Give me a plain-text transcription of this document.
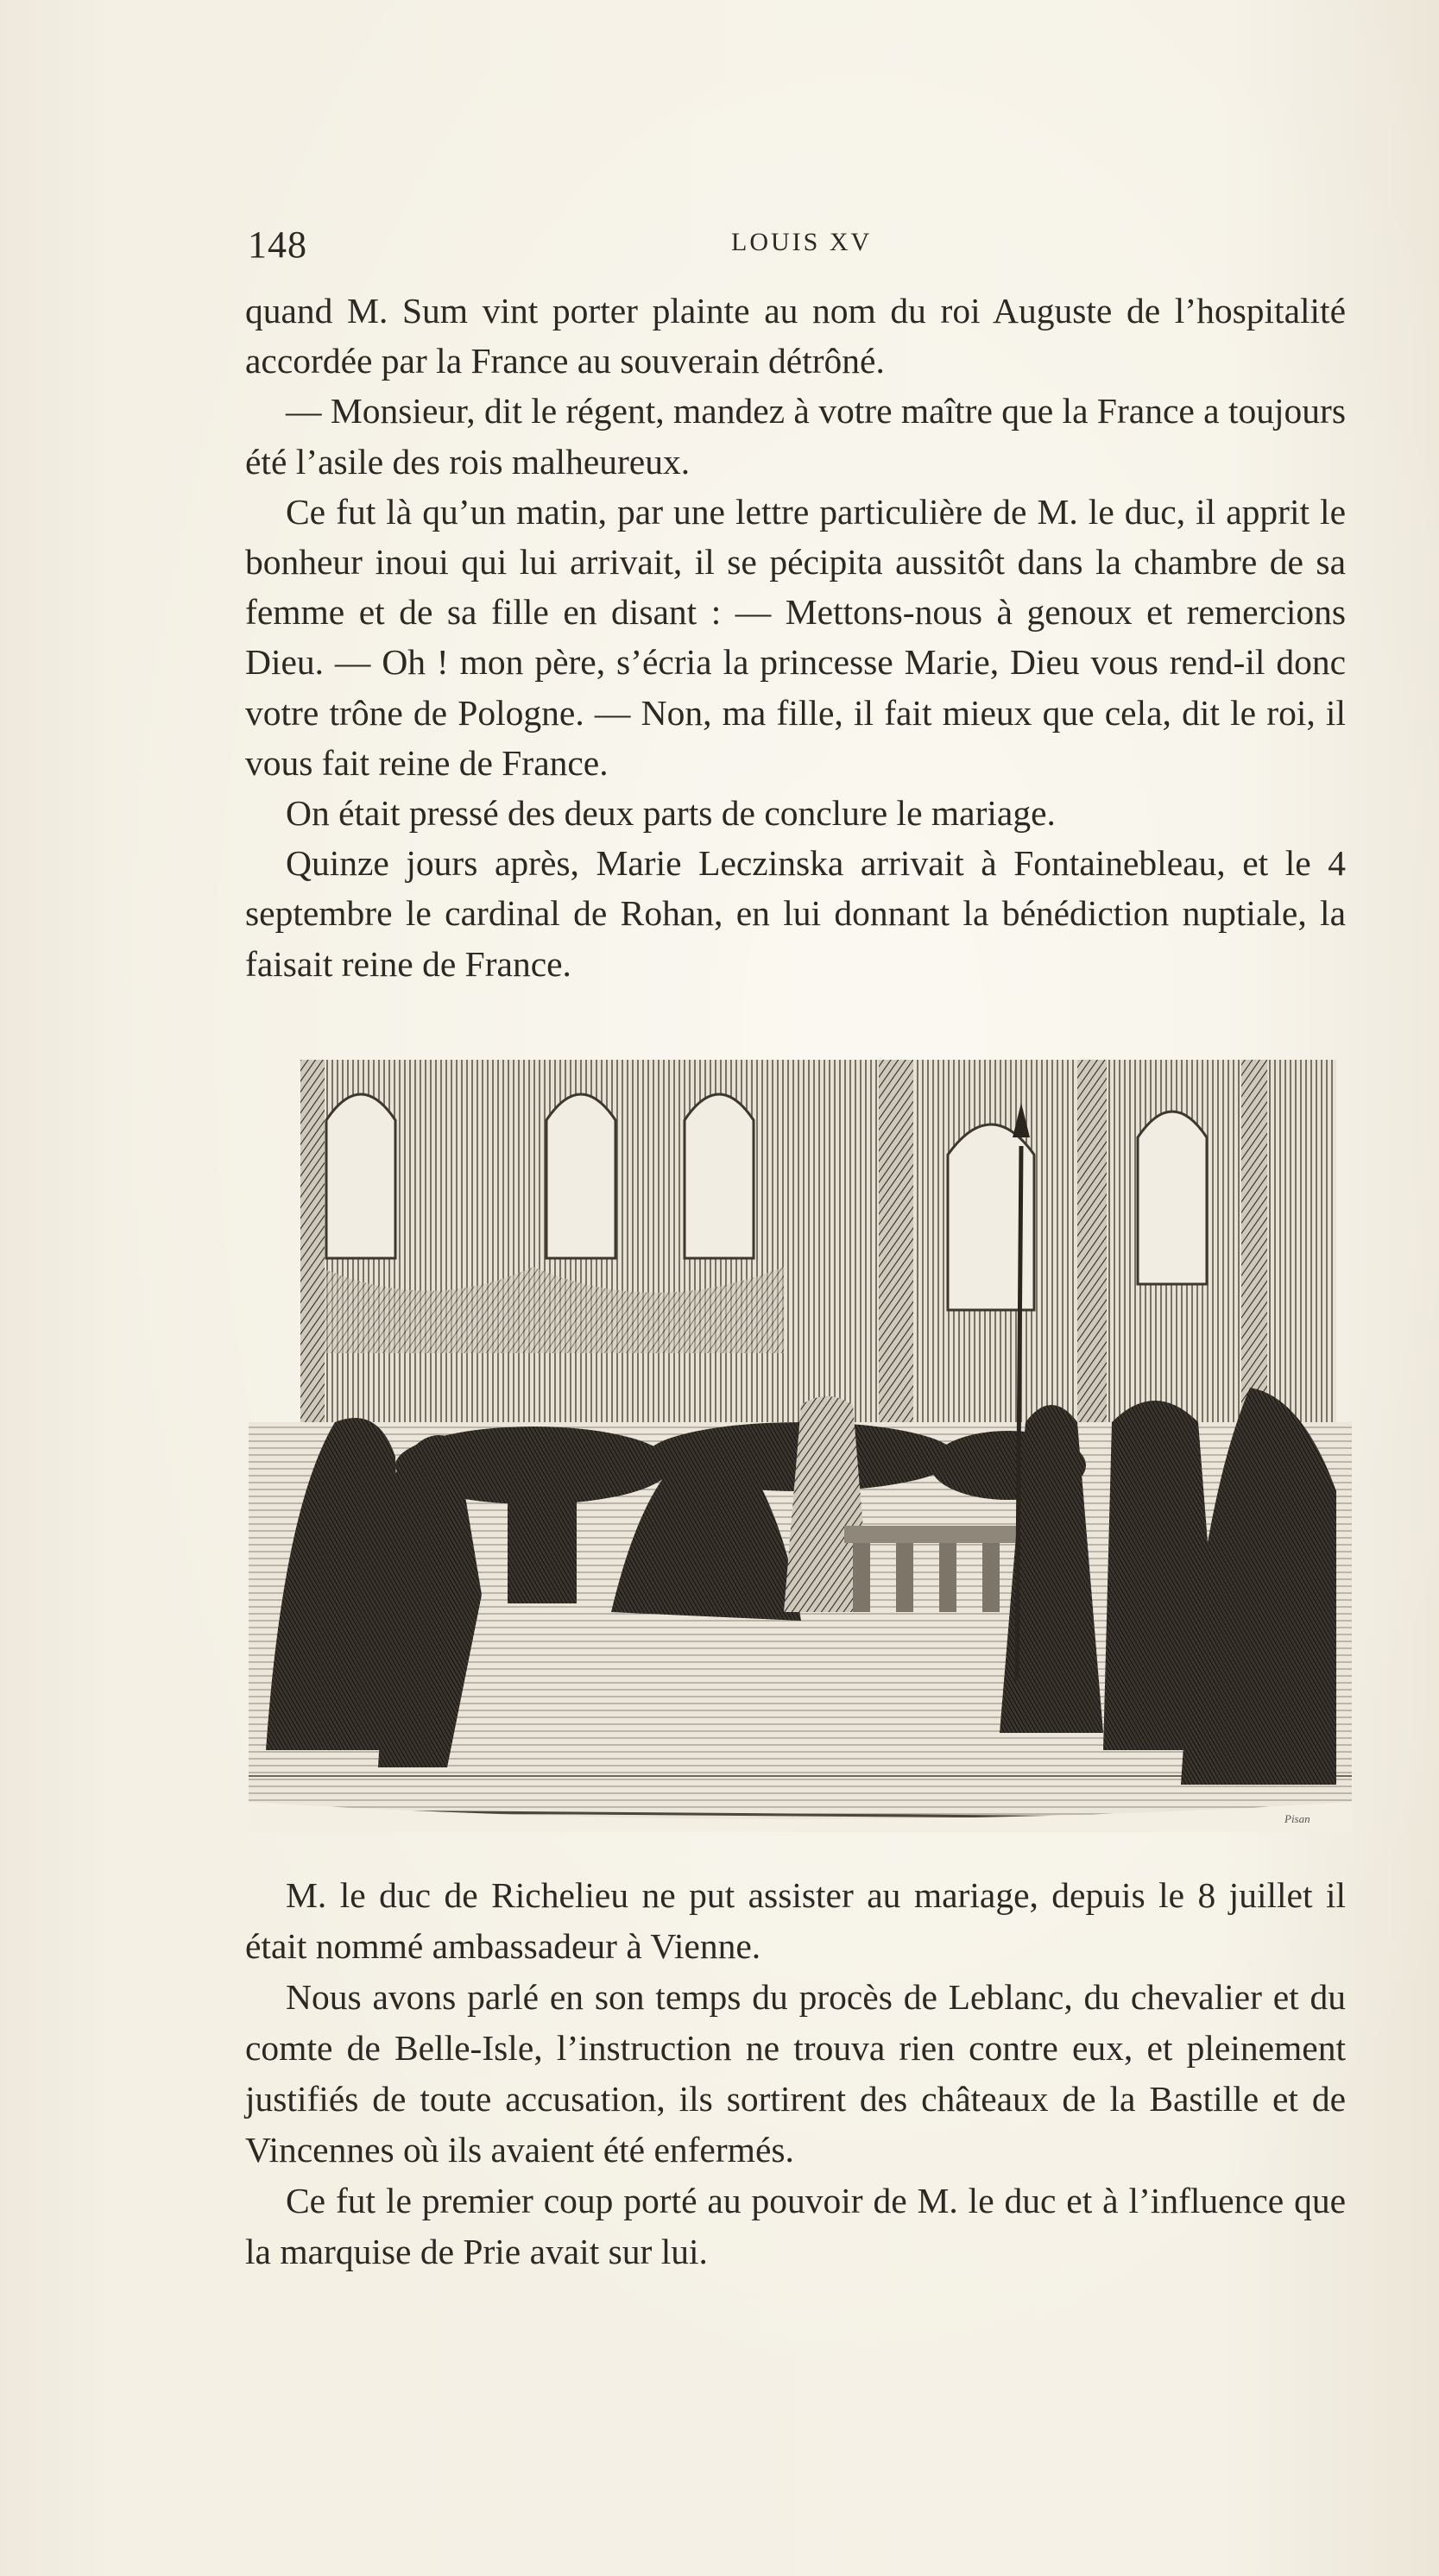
148	LOUIS XV

quand M. Sum vint porter plainte au nom du roi Auguste de l’hospitalité accordée par la France au souverain détrôné.

— Monsieur, dit le régent, mandez à votre maître que la France a toujours été l’asile des rois malheureux.

Ce fut là qu’un matin, par une lettre particulière de M. le duc, il apprit le bonheur inoui qui lui arrivait, il se pécipita aussitôt dans la chambre de sa femme et de sa fille en disant : — Mettons-nous à genoux et remercions Dieu. — Oh ! mon père, s’écria la princesse Marie, Dieu vous rend-il donc votre trône de Pologne. — Non, ma fille, il fait mieux que cela, dit le roi, il vous fait reine de France.

On était pressé des deux parts de conclure le mariage.

Quinze jours après, Marie Leczinska arrivait à Fontainebleau, et le 4 septembre le cardinal de Rohan, en lui donnant la bénédiction nuptiale, la faisait reine de France.

Pisan

M. le duc de Richelieu ne put assister au mariage, depuis le 8 juillet il était nommé ambassadeur à Vienne.

Nous avons parlé en son temps du procès de Leblanc, du chevalier et du comte de Belle-Isle, l’instruction ne trouva rien contre eux, et pleinement justifiés de toute accusation, ils sortirent des châteaux de la Bastille et de Vincennes où ils avaient été enfermés.

Ce fut le premier coup porté au pouvoir de M. le duc et à l’influence que la marquise de Prie avait sur lui.
